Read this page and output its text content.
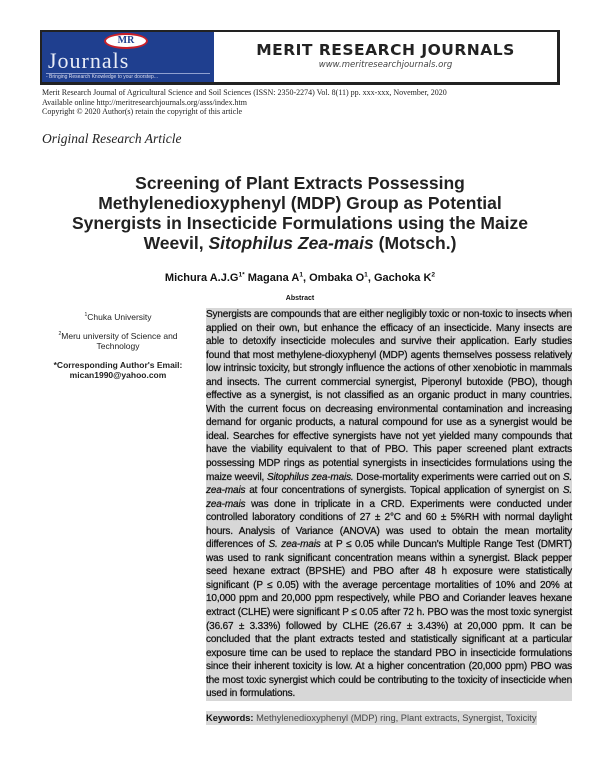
MR
Journals
- Bringing Research Knowledge to your doorstep...
MERIT RESEARCH JOURNALS
www.meritresearchjournals.org
Merit Research Journal of Agricultural Science and Soil Sciences (ISSN: 2350-2274) Vol. 8(11) pp. xxx-xxx, November, 2020
Available online http://meritresearchjournals.org/asss/index.htm
Copyright © 2020 Author(s) retain the copyright of this article
Original Research Article
Screening of Plant Extracts Possessing
Methylenedioxyphenyl (MDP) Group as Potential
Synergists in Insecticide Formulations using the Maize
Weevil, Sitophilus Zea-mais (Motsch.)
Michura $A.J.G^{1*}$ Magana $A^1$, Ombaka $O^1$, Gachoka $K^2$
Abstract

$^1$Chuka University

$^2$Meru university of Science and Technology

*Corresponding Author's Email:
mican1990@yahoo.com

Synergists are compounds that are either negligibly toxic or non-toxic to insects when applied on their own, but enhance the efficacy of an insecticide. Many insects are able to detoxify insecticide molecules and survive their application. Early studies found that most methylene-dioxyphenyl (MDP) agents themselves possess relatively low intrinsic toxicity, but strongly influence the actions of other xenobiotic in mammals and insects. The current commercial synergist, Piperonyl butoxide (PBO), though effective as a synergist, is not classified as an organic product in many countries. With the current focus on decreasing environmental contamination and increasing demand for organic products, a natural compound for use as a synergist would be ideal. Searches for effective synergists have not yet yielded many compounds that have the viability equivalent to that of PBO. This paper screened plant extracts possessing MDP rings as potential synergists in insecticides formulations using the maize weevil, Sitophilus zea-mais. Dose-mortality experiments were carried out on S. zea-mais at four concentrations of synergists. Topical application of synergist on S. zea-mais was done in triplicate in a CRD. Experiments were conducted under controlled laboratory conditions of 27 ± 2°C and 60 ± 5%RH with normal daylight hours. Analysis of Variance (ANOVA) was used to obtain the mean mortality differences of S. zea-mais at P ≤ 0.05 while Duncan's Multiple Range Test (DMRT) was used to rank significant concentration means within a synergist. Black pepper seed hexane extract (BPSHE) and PBO after 48 h exposure were statistically significant (P ≤ 0.05) with the average percentage mortalities of 10% and 20% at 10,000 ppm and 20,000 ppm respectively, while PBO and Coriander leaves hexane extract (CLHE) were significant P ≤ 0.05 after 72 h. PBO was the most toxic synergist (36.67 ± 3.33%) followed by CLHE (26.67 ± 3.43%) at 20,000 ppm. It can be concluded that the plant extracts tested and statistically significant at a particular exposure time can be used to replace the standard PBO in insecticide formulations since their inherent toxicity is low. At a higher concentration (20,000 ppm) PBO was the most toxic synergist which could be contributing to the toxicity of insecticide when used in formulations.
Keywords: Methylenedioxyphenyl (MDP) ring, Plant extracts, Synergist, Toxicity
